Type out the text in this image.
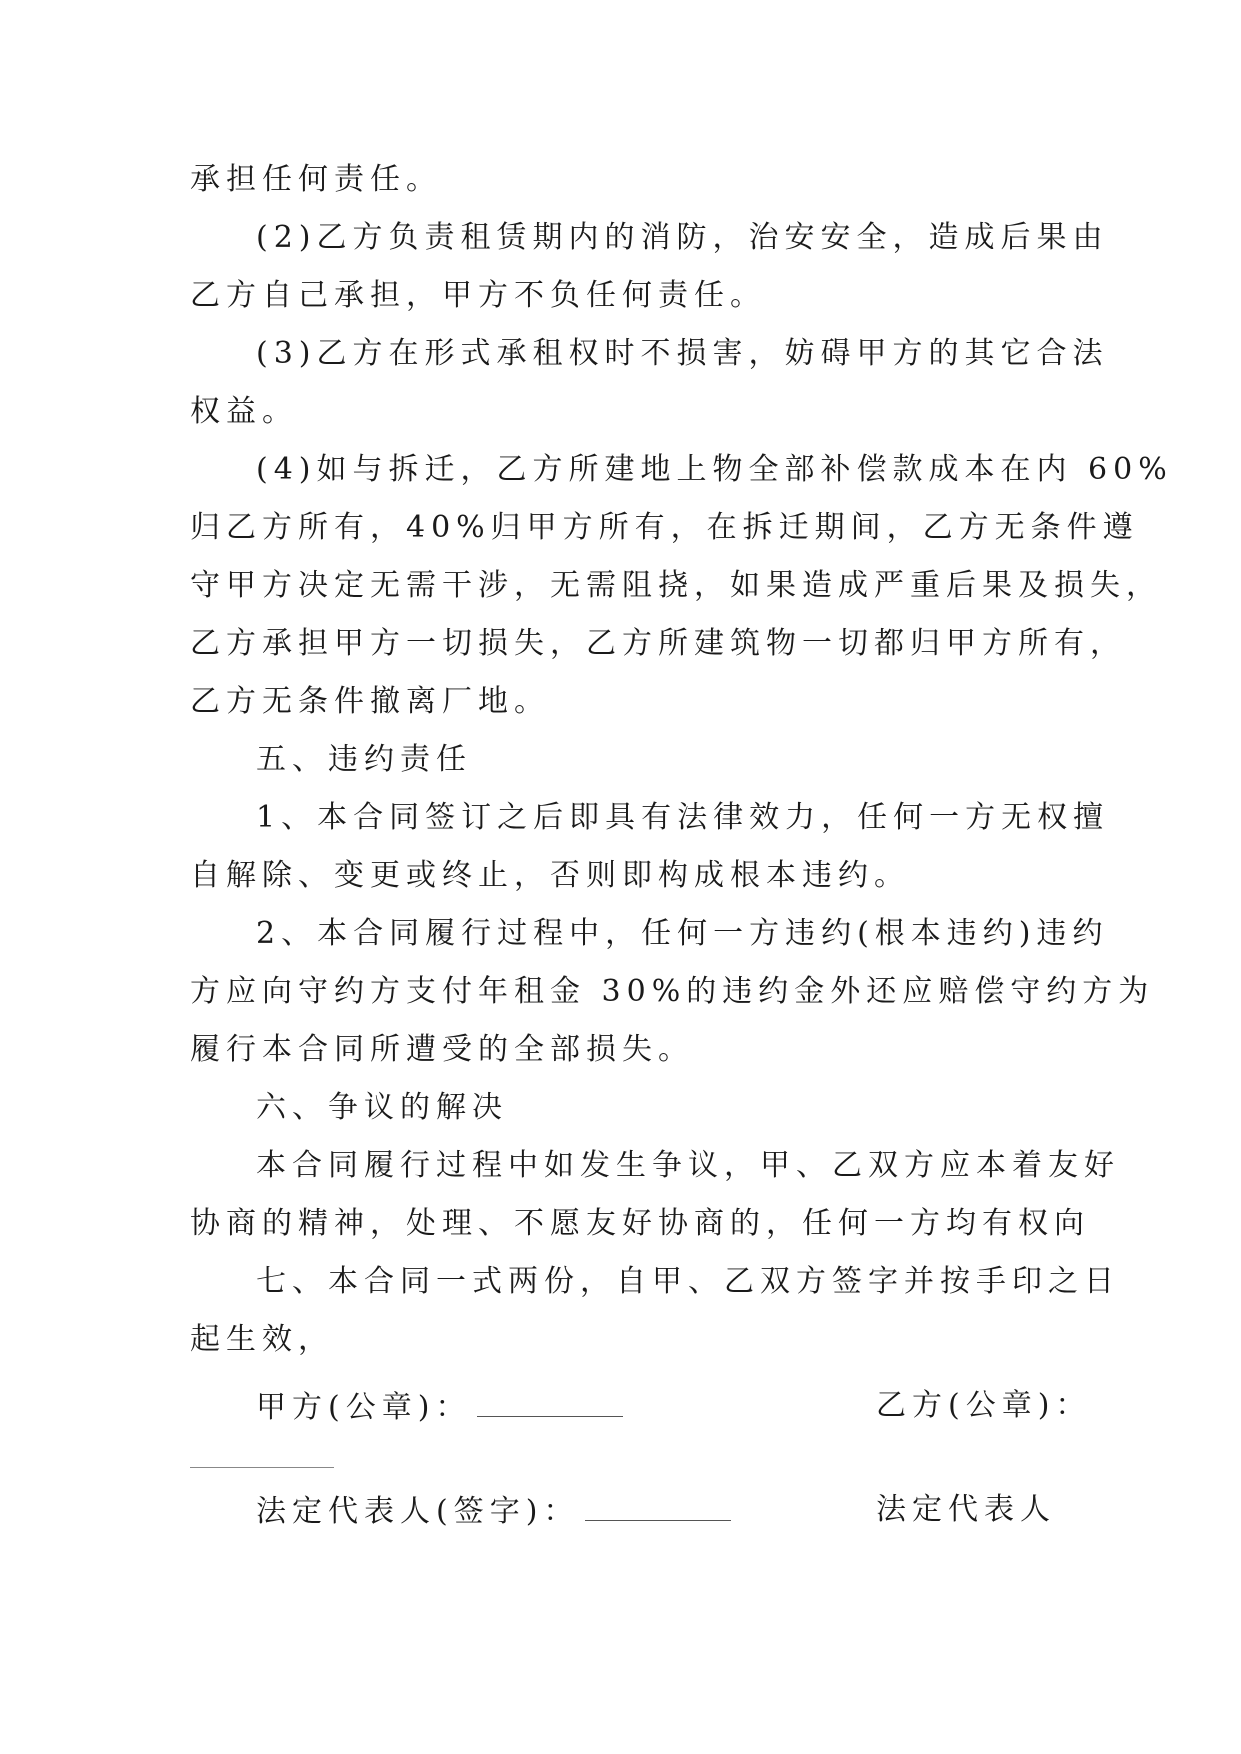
承担任何责任。
(2)乙方负责租赁期内的消防，治安安全，造成后果由
乙方自己承担，甲方不负任何责任。
(3)乙方在形式承租权时不损害，妨碍甲方的其它合法
权益。
(4)如与拆迁，乙方所建地上物全部补偿款成本在内 60%
归乙方所有，40%归甲方所有，在拆迁期间，乙方无条件遵
守甲方决定无需干涉，无需阻挠，如果造成严重后果及损失，
乙方承担甲方一切损失，乙方所建筑物一切都归甲方所有，
乙方无条件撤离厂地。
五、违约责任
1、本合同签订之后即具有法律效力，任何一方无权擅
自解除、变更或终止，否则即构成根本违约。
2、本合同履行过程中，任何一方违约(根本违约)违约
方应向守约方支付年租金 30%的违约金外还应赔偿守约方为
履行本合同所遭受的全部损失。
六、争议的解决
本合同履行过程中如发生争议，甲、乙双方应本着友好
协商的精神，处理、不愿友好协商的，任何一方均有权向
七、本合同一式两份，自甲、乙双方签字并按手印之日
起生效，
甲方(公章)：	乙方(公章)：
法定代表人(签字)：	法定代表人
